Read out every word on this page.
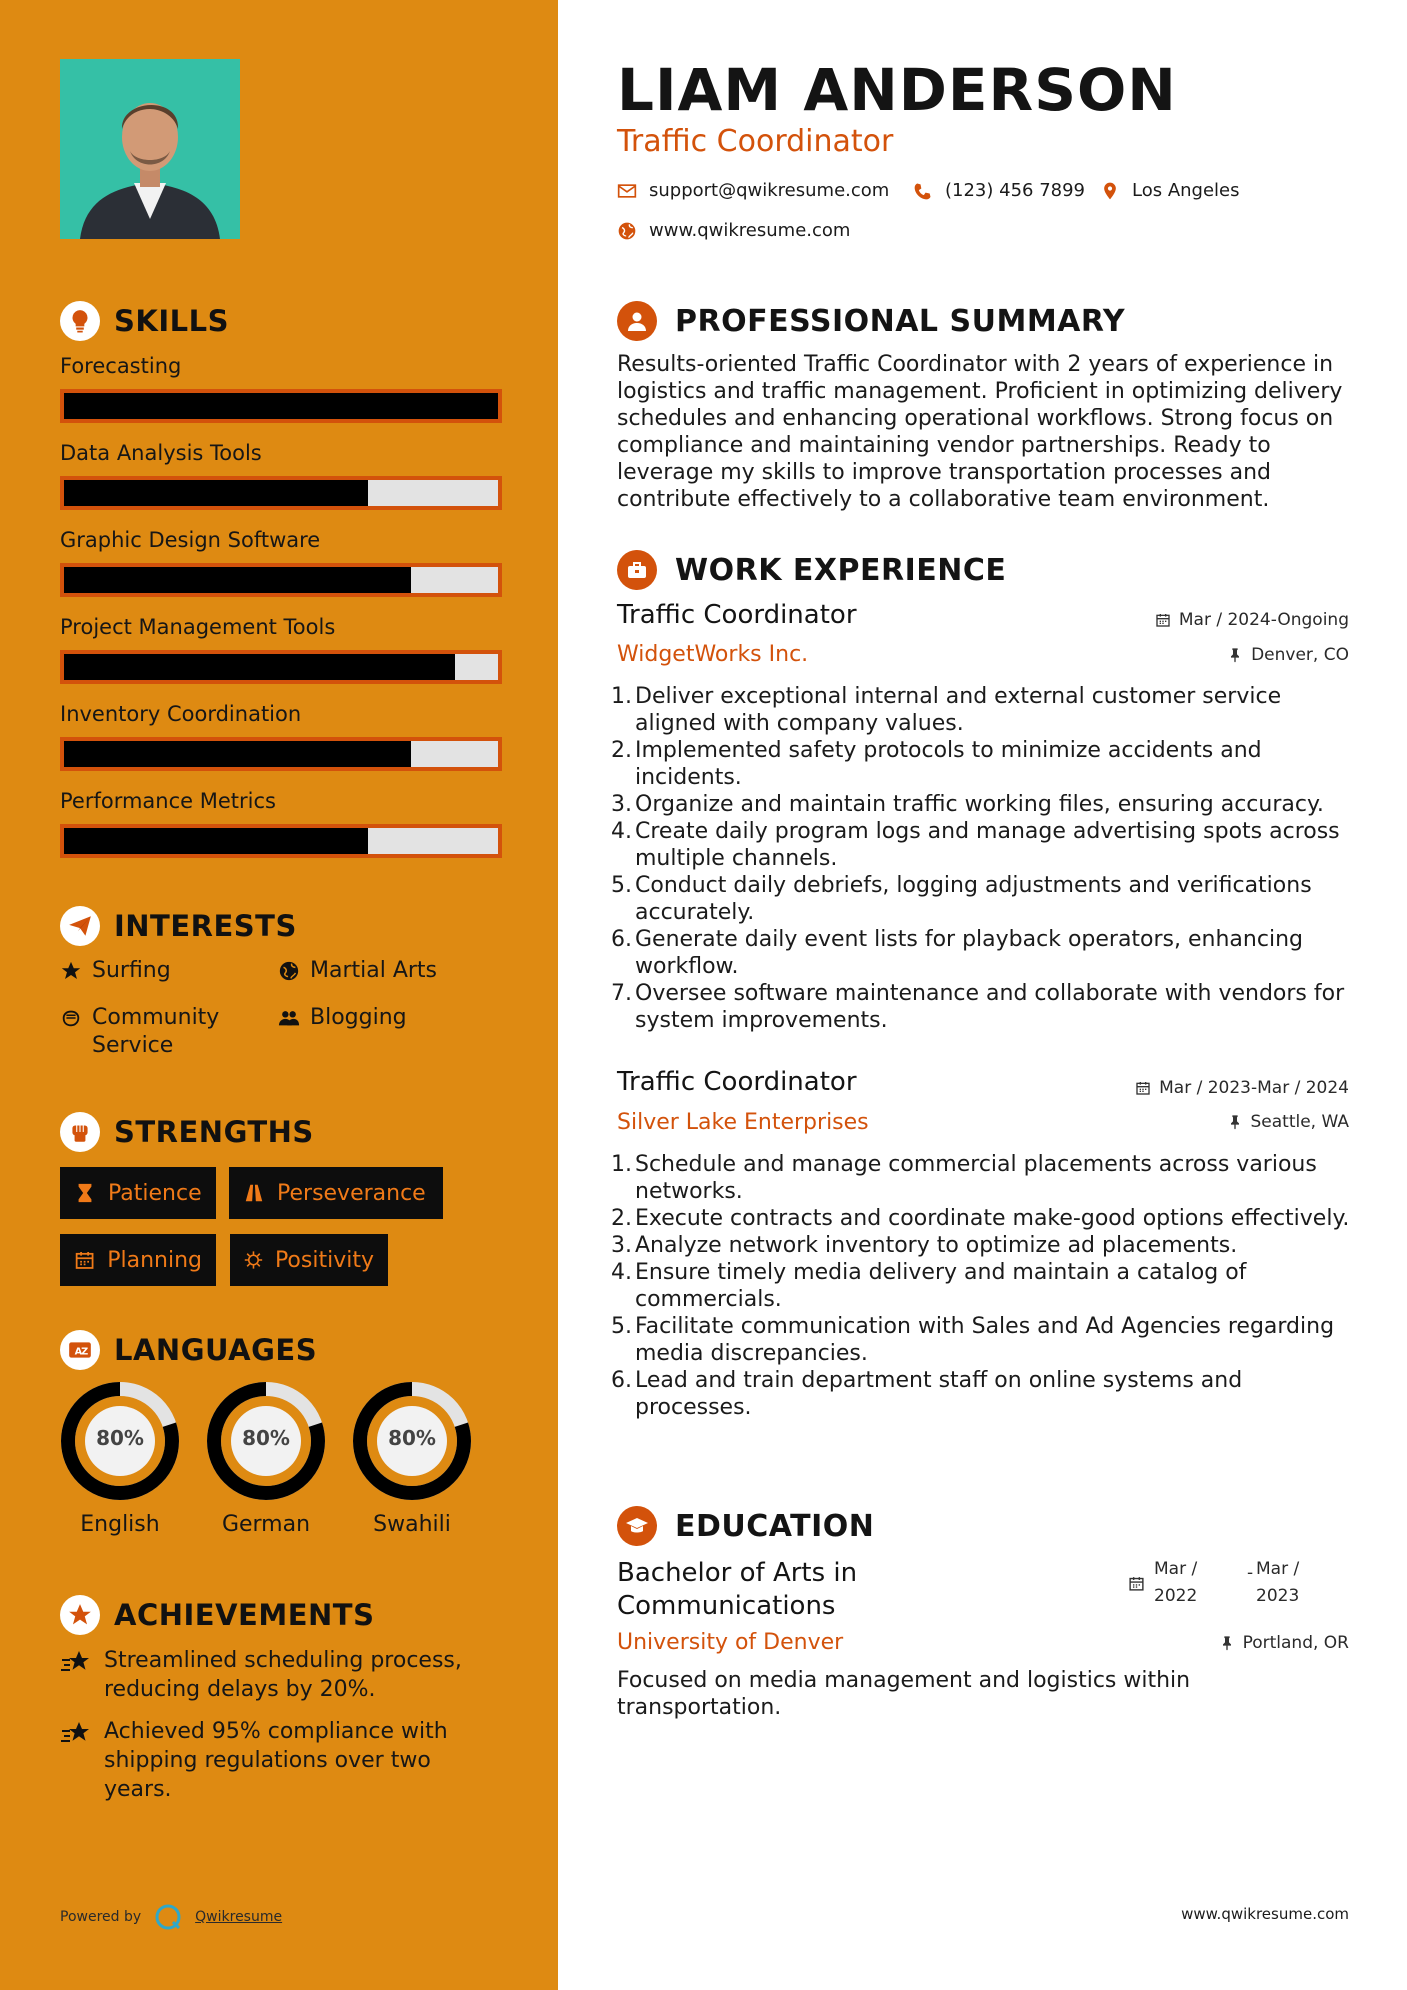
SKILLS
Forecasting
Data Analysis Tools
Graphic Design Software
Project Management Tools
Inventory Coordination
Performance Metrics
INTERESTS
Surfing	Martial Arts
Community Service
Blogging
STRENGTHS
Patience	Perseverance
Planning	Positivity
A
Z LANGUAGES
80%
English
80%
German
80%
Swahili
ACHIEVEMENTS
Streamlined scheduling process, reducing delays by 20%.
Achieved 95% compliance with shipping regulations over two years.
Powered by	Qwikresume
LIAM ANDERSON
Traffic Coordinator
support@qwikresume.com	(123) 456 7899	Los Angeles
www.qwikresume.com
PROFESSIONAL SUMMARY
Results-oriented Traffic Coordinator with 2 years of experience in logistics and traffic management. Proficient in optimizing delivery schedules and enhancing operational workflows. Strong focus on compliance and maintaining vendor partnerships. Ready to leverage my skills to improve transportation processes and contribute effectively to a collaborative team environment.
WORK EXPERIENCE
Traffic Coordinator	Mar / 2024-Ongoing
WidgetWorks Inc.	Denver, CO
1. Deliver exceptional internal and external customer service aligned with company values.
2. Implemented safety protocols to minimize accidents and incidents.
3. Organize and maintain traffic working files, ensuring accuracy.
4. Create daily program logs and manage advertising spots across multiple channels.
5. Conduct daily debriefs, logging adjustments and verifications accurately.
6. Generate daily event lists for playback operators, enhancing workflow.
7. Oversee software maintenance and collaborate with vendors for system improvements.
Traffic Coordinator	Mar / 2023-Mar / 2024
Silver Lake Enterprises	Seattle, WA
1. Schedule and manage commercial placements across various networks.
2. Execute contracts and coordinate make-good options effectively.
3. Analyze network inventory to optimize ad placements.
4. Ensure timely media delivery and maintain a catalog of commercials.
5. Facilitate communication with Sales and Ad Agencies regarding media discrepancies.
6. Lead and train department staff on online systems and processes.
EDUCATION
Bachelor of Arts in
Communications
Mar /
2022
- Mar /
2023
University of Denver	Portland, OR
Focused on media management and logistics within transportation.
www.qwikresume.com
